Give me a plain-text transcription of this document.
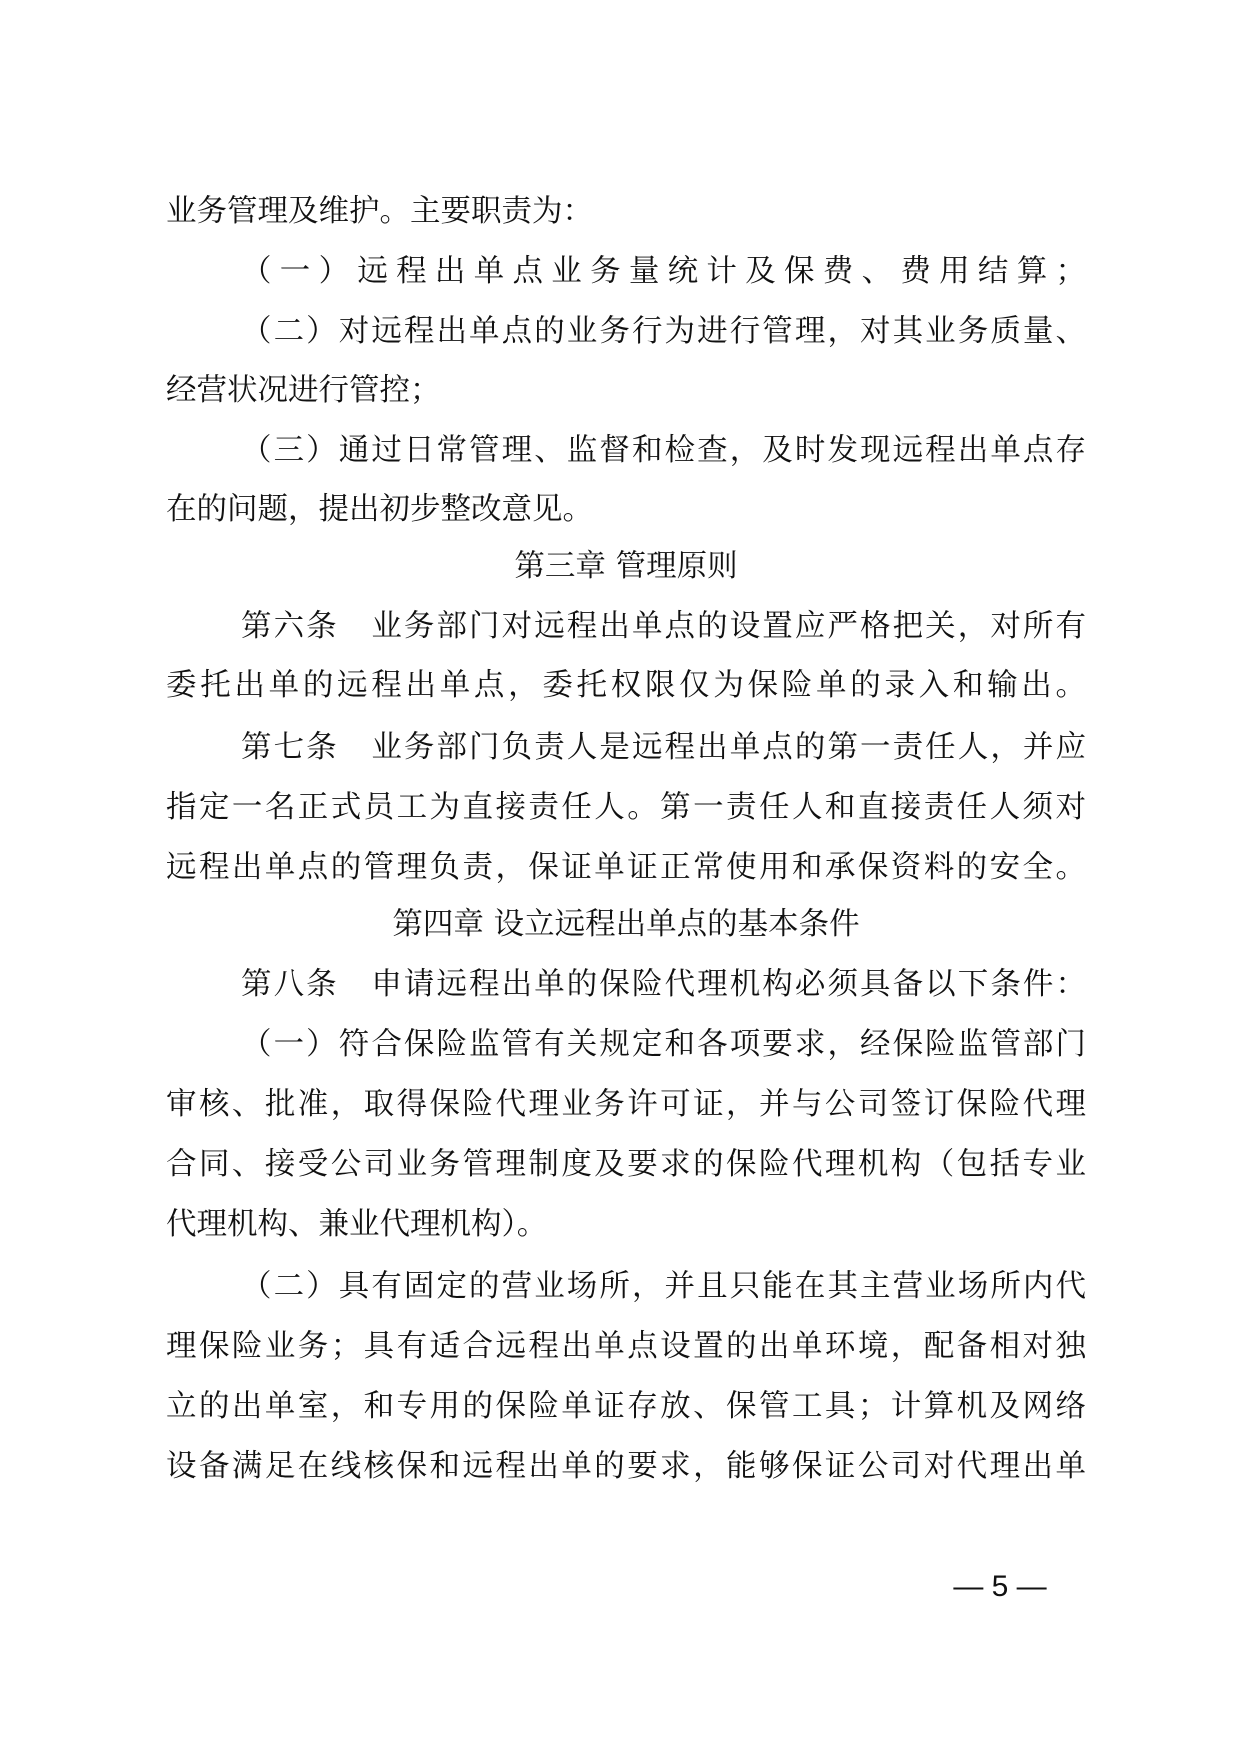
业务管理及维护。主要职责为：
（一）远程出单点业务量统计及保费、费用结算；
（二）对远程出单点的业务行为进行管理，对其业务质量、
经营状况进行管控；
（三）通过日常管理、监督和检查，及时发现远程出单点存
在的问题，提出初步整改意见。
第三章 管理原则
第六条　业务部门对远程出单点的设置应严格把关，对所有
委托出单的远程出单点，委托权限仅为保险单的录入和输出。
第七条　业务部门负责人是远程出单点的第一责任人，并应
指定一名正式员工为直接责任人。第一责任人和直接责任人须对
远程出单点的管理负责，保证单证正常使用和承保资料的安全。
第四章 设立远程出单点的基本条件
第八条　申请远程出单的保险代理机构必须具备以下条件：
（一）符合保险监管有关规定和各项要求，经保险监管部门
审核、批准，取得保险代理业务许可证，并与公司签订保险代理
合同、接受公司业务管理制度及要求的保险代理机构（包括专业
代理机构、兼业代理机构）。
（二）具有固定的营业场所，并且只能在其主营业场所内代
理保险业务；具有适合远程出单点设置的出单环境，配备相对独
立的出单室，和专用的保险单证存放、保管工具；计算机及网络
设备满足在线核保和远程出单的要求，能够保证公司对代理出单
— 5 —
